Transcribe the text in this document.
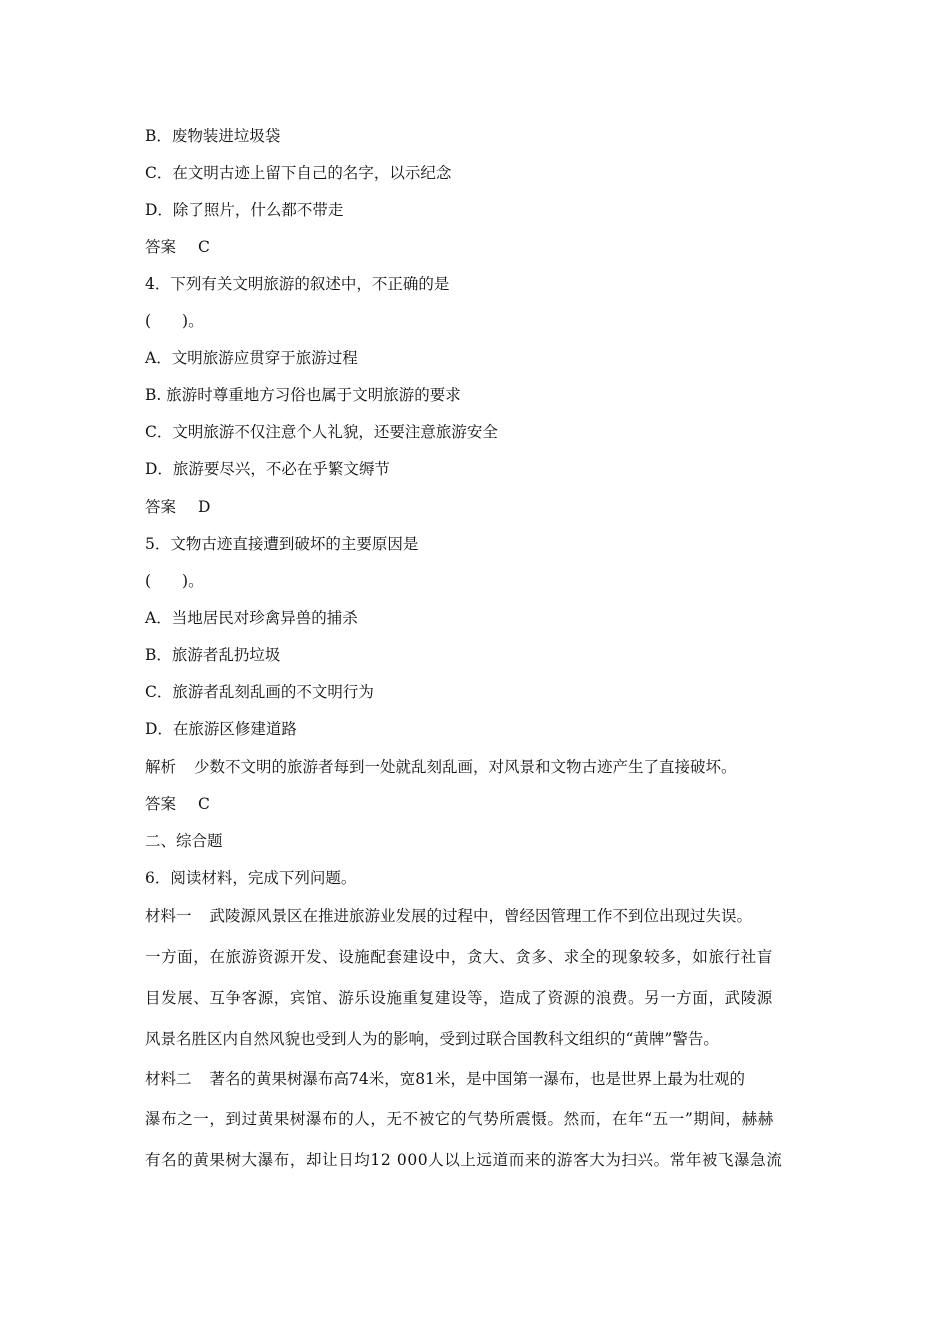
B．废物装进垃圾袋
C．在文明古迹上留下自己的名字，以示纪念
D．除了照片，什么都不带走
答案 C
4．下列有关文明旅游的叙述中，不正确的是
(　　)。
A．文明旅游应贯穿于旅游过程
B. 旅游时尊重地方习俗也属于文明旅游的要求
C．文明旅游不仅注意个人礼貌，还要注意旅游安全
D．旅游要尽兴，不必在乎繁文缛节
答案 D
5．文物古迹直接遭到破坏的主要原因是
(　　)。
A．当地居民对珍禽异兽的捕杀
B．旅游者乱扔垃圾
C．旅游者乱刻乱画的不文明行为
D．在旅游区修建道路
解析 少数不文明的旅游者每到一处就乱刻乱画，对风景和文物古迹产生了直接破坏。
答案 C
二、综合题
6．阅读材料，完成下列问题。
材料一 武陵源风景区在推进旅游业发展的过程中，曾经因管理工作不到位出现过失误。
一方面，在旅游资源开发、设施配套建设中，贪大、贪多、求全的现象较多，如旅行社盲
目发展、互争客源，宾馆、游乐设施重复建设等，造成了资源的浪费。另一方面，武陵源
风景名胜区内自然风貌也受到人为的影响，受到过联合国教科文组织的“黄牌”警告。
材料二 著名的黄果树瀑布高74米，宽81米，是中国第一瀑布，也是世界上最为壮观的
瀑布之一，到过黄果树瀑布的人，无不被它的气势所震慑。然而，在年“五一”期间，赫赫
有名的黄果树大瀑布，却让日均12 000人以上远道而来的游客大为扫兴。常年被飞瀑急流
